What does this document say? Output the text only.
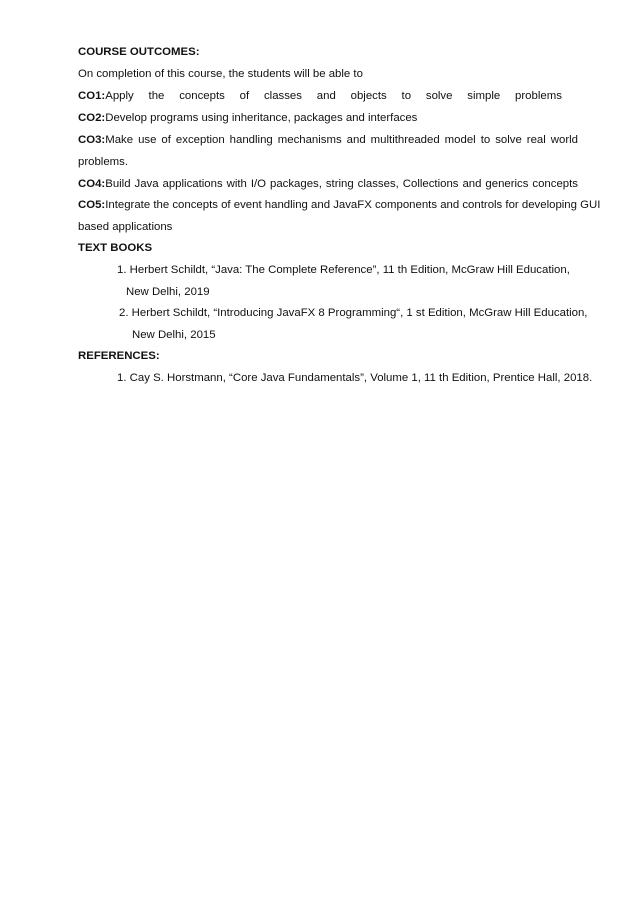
COURSE OUTCOMES:
On completion of this course, the students will be able to
CO1:Apply the concepts of classes and objects to solve simple problems
CO2:Develop programs using inheritance, packages and interfaces
CO3:Make use of exception handling mechanisms and multithreaded model to solve real world
problems.
CO4:Build Java applications with I/O packages, string classes, Collections and generics concepts
CO5:Integrate the concepts of event handling and JavaFX components and controls for developing GUI
based applications
TEXT BOOKS
1. Herbert Schildt, “Java: The Complete Reference”, 11 th Edition, McGraw Hill Education,
New Delhi, 2019
2. Herbert Schildt, “Introducing JavaFX 8 Programming“, 1 st Edition, McGraw Hill Education,
New Delhi, 2015
REFERENCES:
1. Cay S. Horstmann, “Core Java Fundamentals”, Volume 1, 11 th Edition, Prentice Hall, 2018.
